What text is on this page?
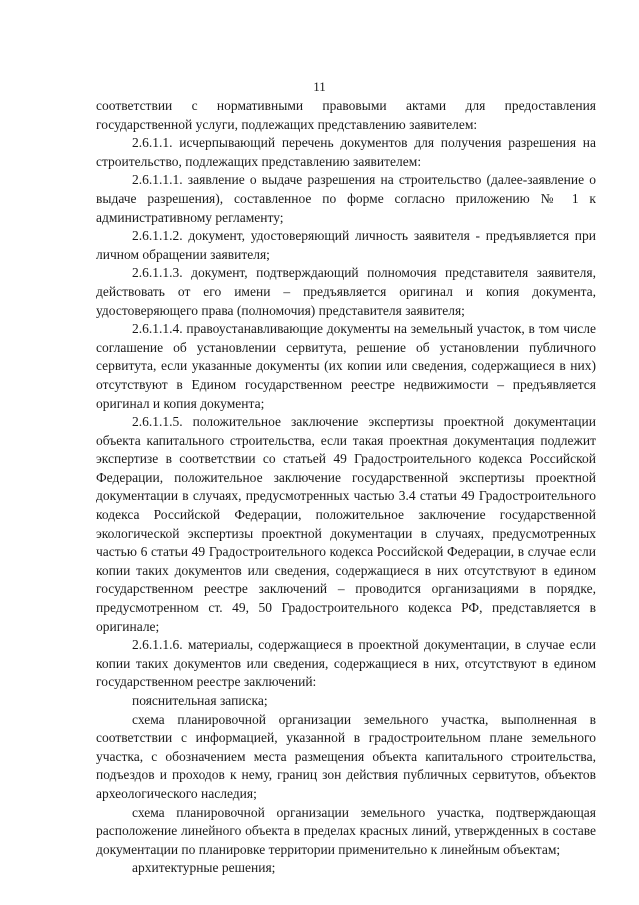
11

соответствии с нормативными правовыми актами для предоставления государственной услуги, подлежащих представлению заявителем:

2.6.1.1. исчерпывающий перечень документов для получения разрешения на строительство, подлежащих представлению заявителем:

2.6.1.1.1. заявление о выдаче разрешения на строительство (далее-заявление о выдаче разрешения), составленное по форме согласно приложению № 1 к административному регламенту;

2.6.1.1.2. документ, удостоверяющий личность заявителя - предъявляется при личном обращении заявителя;

2.6.1.1.3. документ, подтверждающий полномочия представителя заявителя, действовать от его имени – предъявляется оригинал и копия документа, удостоверяющего права (полномочия) представителя заявителя;

2.6.1.1.4. правоустанавливающие документы на земельный участок, в том числе соглашение об установлении сервитута, решение об установлении публичного сервитута, если указанные документы (их копии или сведения, содержащиеся в них) отсутствуют в Едином государственном реестре недвижимости – предъявляется оригинал и копия документа;

2.6.1.1.5. положительное заключение экспертизы проектной документации объекта капитального строительства, если такая проектная документация подлежит экспертизе в соответствии со статьей 49 Градостроительного кодекса Российской Федерации, положительное заключение государственной экспертизы проектной документации в случаях, предусмотренных частью 3.4 статьи 49 Градостроительного кодекса Российской Федерации, положительное заключение государственной экологической экспертизы проектной документации в случаях, предусмотренных частью 6 статьи 49 Градостроительного кодекса Российской Федерации, в случае если копии таких документов или сведения, содержащиеся в них отсутствуют в едином государственном реестре заключений – проводится организациями в порядке, предусмотренном ст. 49, 50 Градостроительного кодекса РФ, представляется в оригинале;

2.6.1.1.6. материалы, содержащиеся в проектной документации, в случае если копии таких документов или сведения, содержащиеся в них, отсутствуют в едином государственном реестре заключений:

пояснительная записка;

схема планировочной организации земельного участка, выполненная в соответствии с информацией, указанной в градостроительном плане земельного участка, с обозначением места размещения объекта капитального строительства, подъездов и проходов к нему, границ зон действия публичных сервитутов, объектов археологического наследия;

схема планировочной организации земельного участка, подтверждающая расположение линейного объекта в пределах красных линий, утвержденных в составе документации по планировке территории применительно к линейным объектам;

архитектурные решения;
